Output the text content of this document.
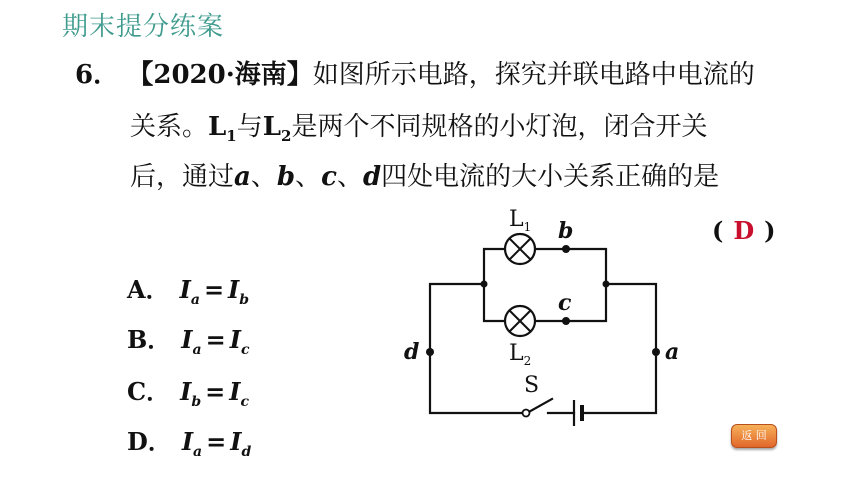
期末提分练案
6． 【2020·海南】如图所示电路，探究并联电路中电流的
关系。$L_1$与$L_2$是两个不同规格的小灯泡，闭合开关
后，通过a、b、c、d四处电流的大小关系正确的是
( D )
A． $I_a = I_b$
B． $I_a = I_c$
C． $I_b = I_c$
D． $I_a = I_d$
$L_1$
$L_2$
S
b
c
d	a
返 回
